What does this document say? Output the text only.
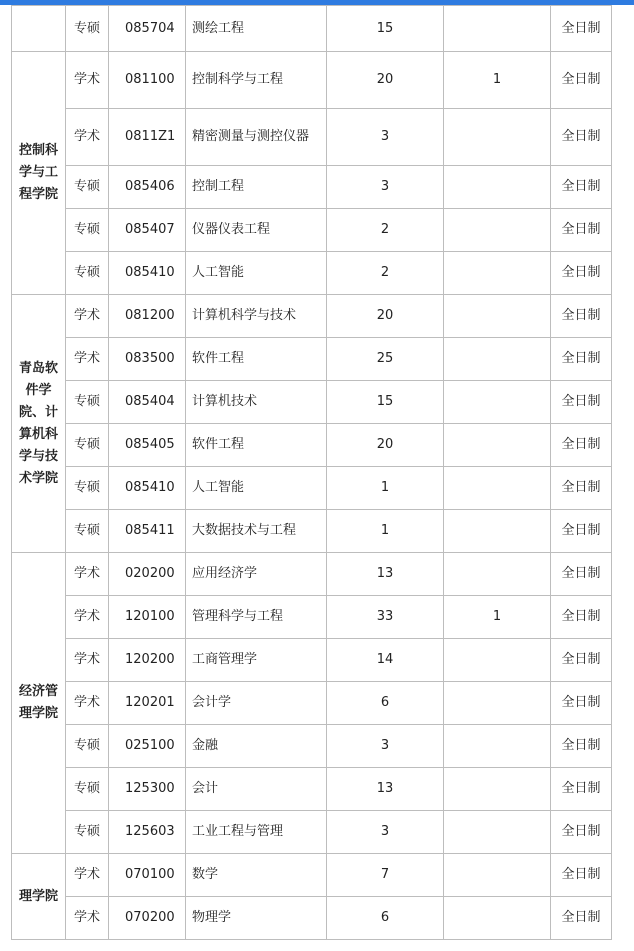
	专硕	085704	测绘工程	15		全日制
控制科学与工程学院	学术	081100	控制科学与工程	20	1	全日制
	学术	0811Z1	精密测量与测控仪器	3		全日制
	专硕	085406	控制工程	3		全日制
	专硕	085407	仪器仪表工程	2		全日制
	专硕	085410	人工智能	2		全日制
青岛软件学院、计算机科学与技术学院	学术	081200	计算机科学与技术	20		全日制
	学术	083500	软件工程	25		全日制
	专硕	085404	计算机技术	15		全日制
	专硕	085405	软件工程	20		全日制
	专硕	085410	人工智能	1		全日制
	专硕	085411	大数据技术与工程	1		全日制
经济管理学院	学术	020200	应用经济学	13		全日制
	学术	120100	管理科学与工程	33	1	全日制
	学术	120200	工商管理学	14		全日制
	学术	120201	会计学	6		全日制
	专硕	025100	金融	3		全日制
	专硕	125300	会计	13		全日制
	专硕	125603	工业工程与管理	3		全日制
理学院	学术	070100	数学	7		全日制
	学术	070200	物理学	6		全日制
